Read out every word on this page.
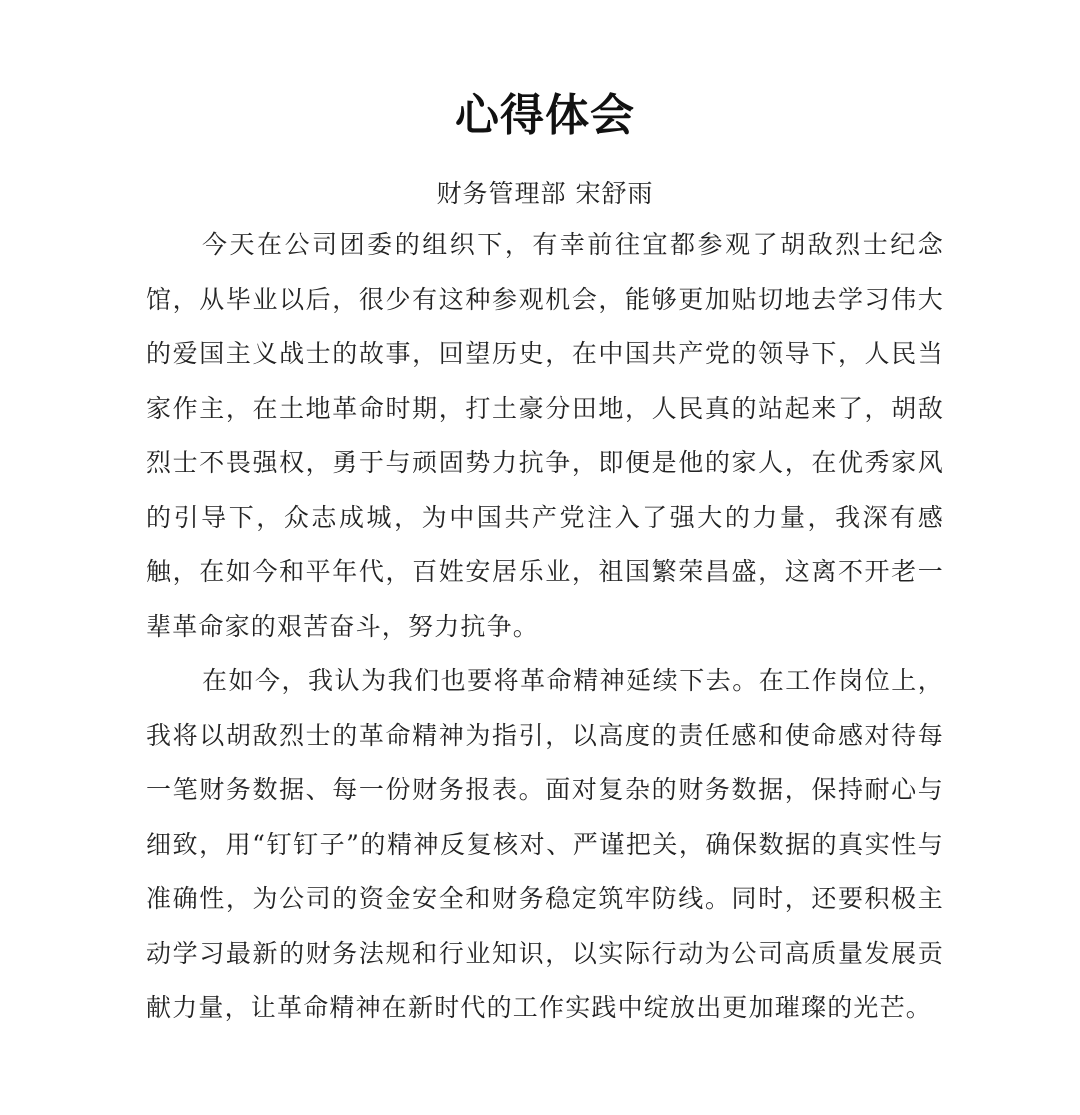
心得体会
财务管理部 宋舒雨

今天在公司团委的组织下，有幸前往宜都参观了胡敌烈士纪念馆，从毕业以后，很少有这种参观机会，能够更加贴切地去学习伟大的爱国主义战士的故事，回望历史，在中国共产党的领导下，人民当家作主，在土地革命时期，打土豪分田地，人民真的站起来了，胡敌烈士不畏强权，勇于与顽固势力抗争，即便是他的家人，在优秀家风的引导下，众志成城，为中国共产党注入了强大的力量，我深有感触，在如今和平年代，百姓安居乐业，祖国繁荣昌盛，这离不开老一辈革命家的艰苦奋斗，努力抗争。

在如今，我认为我们也要将革命精神延续下去。在工作岗位上，我将以胡敌烈士的革命精神为指引，以高度的责任感和使命感对待每一笔财务数据、每一份财务报表。面对复杂的财务数据，保持耐心与细致，用“钉钉子”的精神反复核对、严谨把关，确保数据的真实性与准确性，为公司的资金安全和财务稳定筑牢防线。同时，还要积极主动学习最新的财务法规和行业知识，以实际行动为公司高质量发展贡献力量，让革命精神在新时代的工作实践中绽放出更加璀璨的光芒。
